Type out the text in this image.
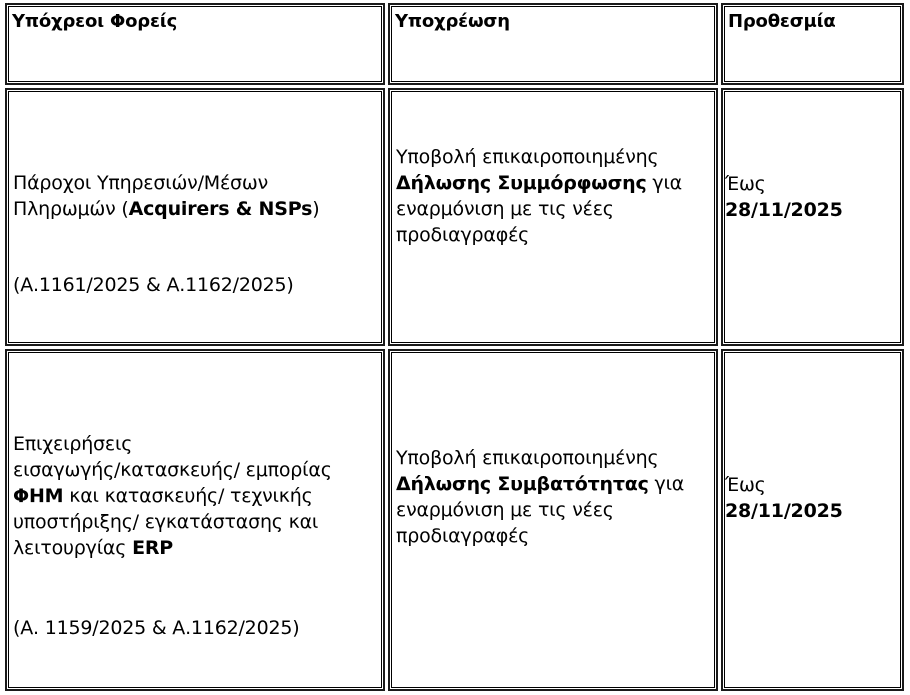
Υπόχρεοι Φορείς	Υποχρέωση	Προθεσμία
Πάροχοι Υπηρεσιών/Μέσων
Πληρωμών (Acquirers & NSPs)
(Α.1161/2025 & Α.1162/2025)
Υποβολή επικαιροποιημένης
Δήλωσης Συμμόρφωσης για
εναρμόνιση με τις νέες
προδιαγραφές
Έως
28/11/2025
Επιχειρήσεις
εισαγωγής/κατασκευής/ εμπορίας
ΦΗΜ και κατασκευής/ τεχνικής
υποστήριξης/ εγκατάστασης και
λειτουργίας ERP
(Α. 1159/2025 & Α.1162/2025)
Υποβολή επικαιροποιημένης
Δήλωσης Συμβατότητας για
εναρμόνιση με τις νέες
προδιαγραφές
Έως
28/11/2025
